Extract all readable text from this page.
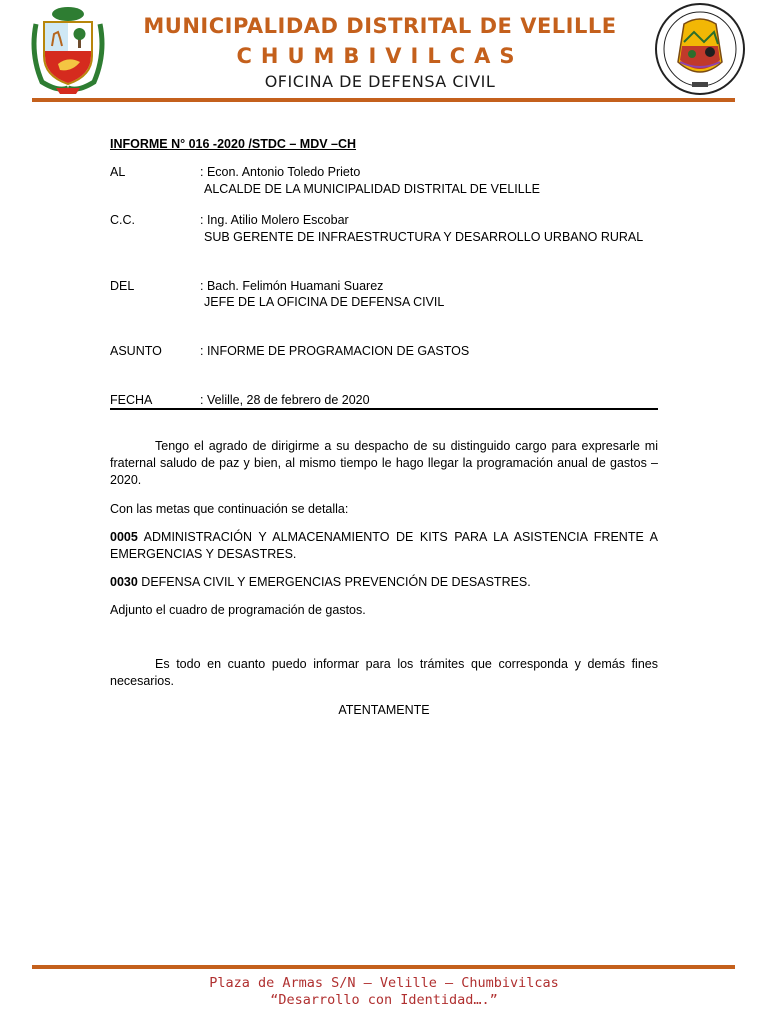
MUNICIPALIDAD DISTRITAL DE VELILLE
CHUMBIVILCAS
OFICINA DE DEFENSA CIVIL
INFORME N° 016 -2020 /STDC – MDV –CH
AL	: Econ. Antonio Toledo Prieto
ALCALDE DE LA MUNICIPALIDAD DISTRITAL DE VELILLE
C.C.	: Ing. Atilio Molero Escobar
SUB GERENTE DE INFRAESTRUCTURA Y DESARROLLO URBANO RURAL
DEL	: Bach. Felimón Huamani Suarez
JEFE DE LA OFICINA DE DEFENSA CIVIL
ASUNTO	: INFORME DE PROGRAMACION DE GASTOS
FECHA	: Velille, 28 de febrero de 2020
Tengo el agrado de dirigirme a su despacho de su distinguido cargo para expresarle mi fraternal saludo de paz y bien, al mismo tiempo le hago llegar la programación anual de gastos – 2020.
Con las metas que continuación se detalla:
0005 ADMINISTRACIÓN Y ALMACENAMIENTO DE KITS PARA LA ASISTENCIA FRENTE A EMERGENCIAS Y DESASTRES.
0030 DEFENSA CIVIL Y EMERGENCIAS PREVENCIÓN DE DESASTRES.
Adjunto el cuadro de programación de gastos.
Es todo en cuanto puedo informar para los trámites que corresponda y demás fines necesarios.
ATENTAMENTE
Plaza de Armas S/N – Velille – Chumbivilcas
“Desarrollo con Identidad….”
